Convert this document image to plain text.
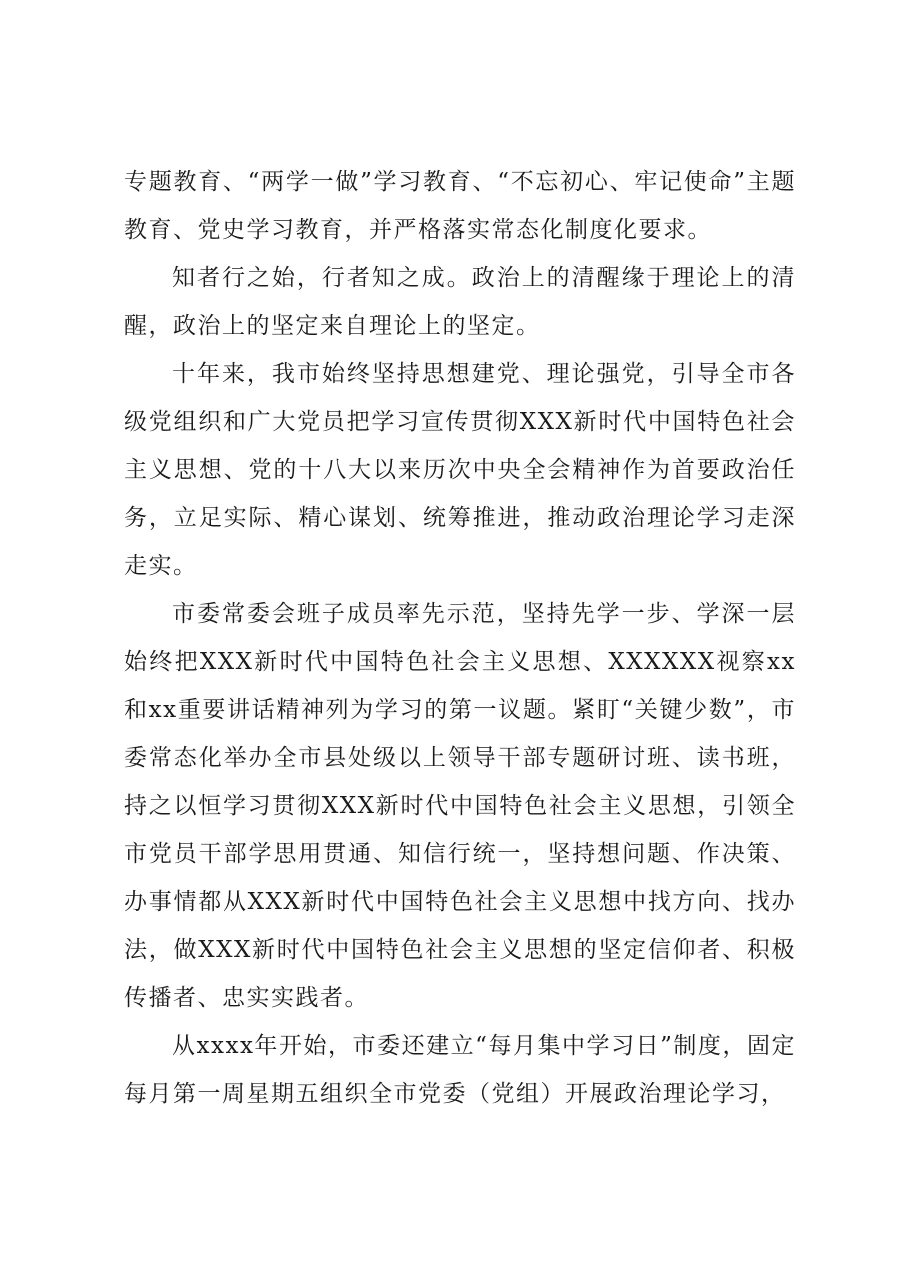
专题教育、“两学一做”学习教育、“不忘初心、牢记使命”主题教育、党史学习教育，并严格落实常态化制度化要求。

知者行之始，行者知之成。政治上的清醒缘于理论上的清醒，政治上的坚定来自理论上的坚定。

十年来，我市始终坚持思想建党、理论强党，引导全市各级党组织和广大党员把学习宣传贯彻XXX新时代中国特色社会主义思想、党的十八大以来历次中央全会精神作为首要政治任务，立足实际、精心谋划、统筹推进，推动政治理论学习走深走实。

市委常委会班子成员率先示范，坚持先学一步、学深一层始终把XXX新时代中国特色社会主义思想、XXXXXX视察xx和xx重要讲话精神列为学习的第一议题。紧盯“关键少数”，市委常态化举办全市县处级以上领导干部专题研讨班、读书班，持之以恒学习贯彻XXX新时代中国特色社会主义思想，引领全市党员干部学思用贯通、知信行统一，坚持想问题、作决策、办事情都从XXX新时代中国特色社会主义思想中找方向、找办法，做XXX新时代中国特色社会主义思想的坚定信仰者、积极传播者、忠实实践者。

从xxxx年开始，市委还建立“每月集中学习日”制度，固定每月第一周星期五组织全市党委（党组）开展政治理论学习，
